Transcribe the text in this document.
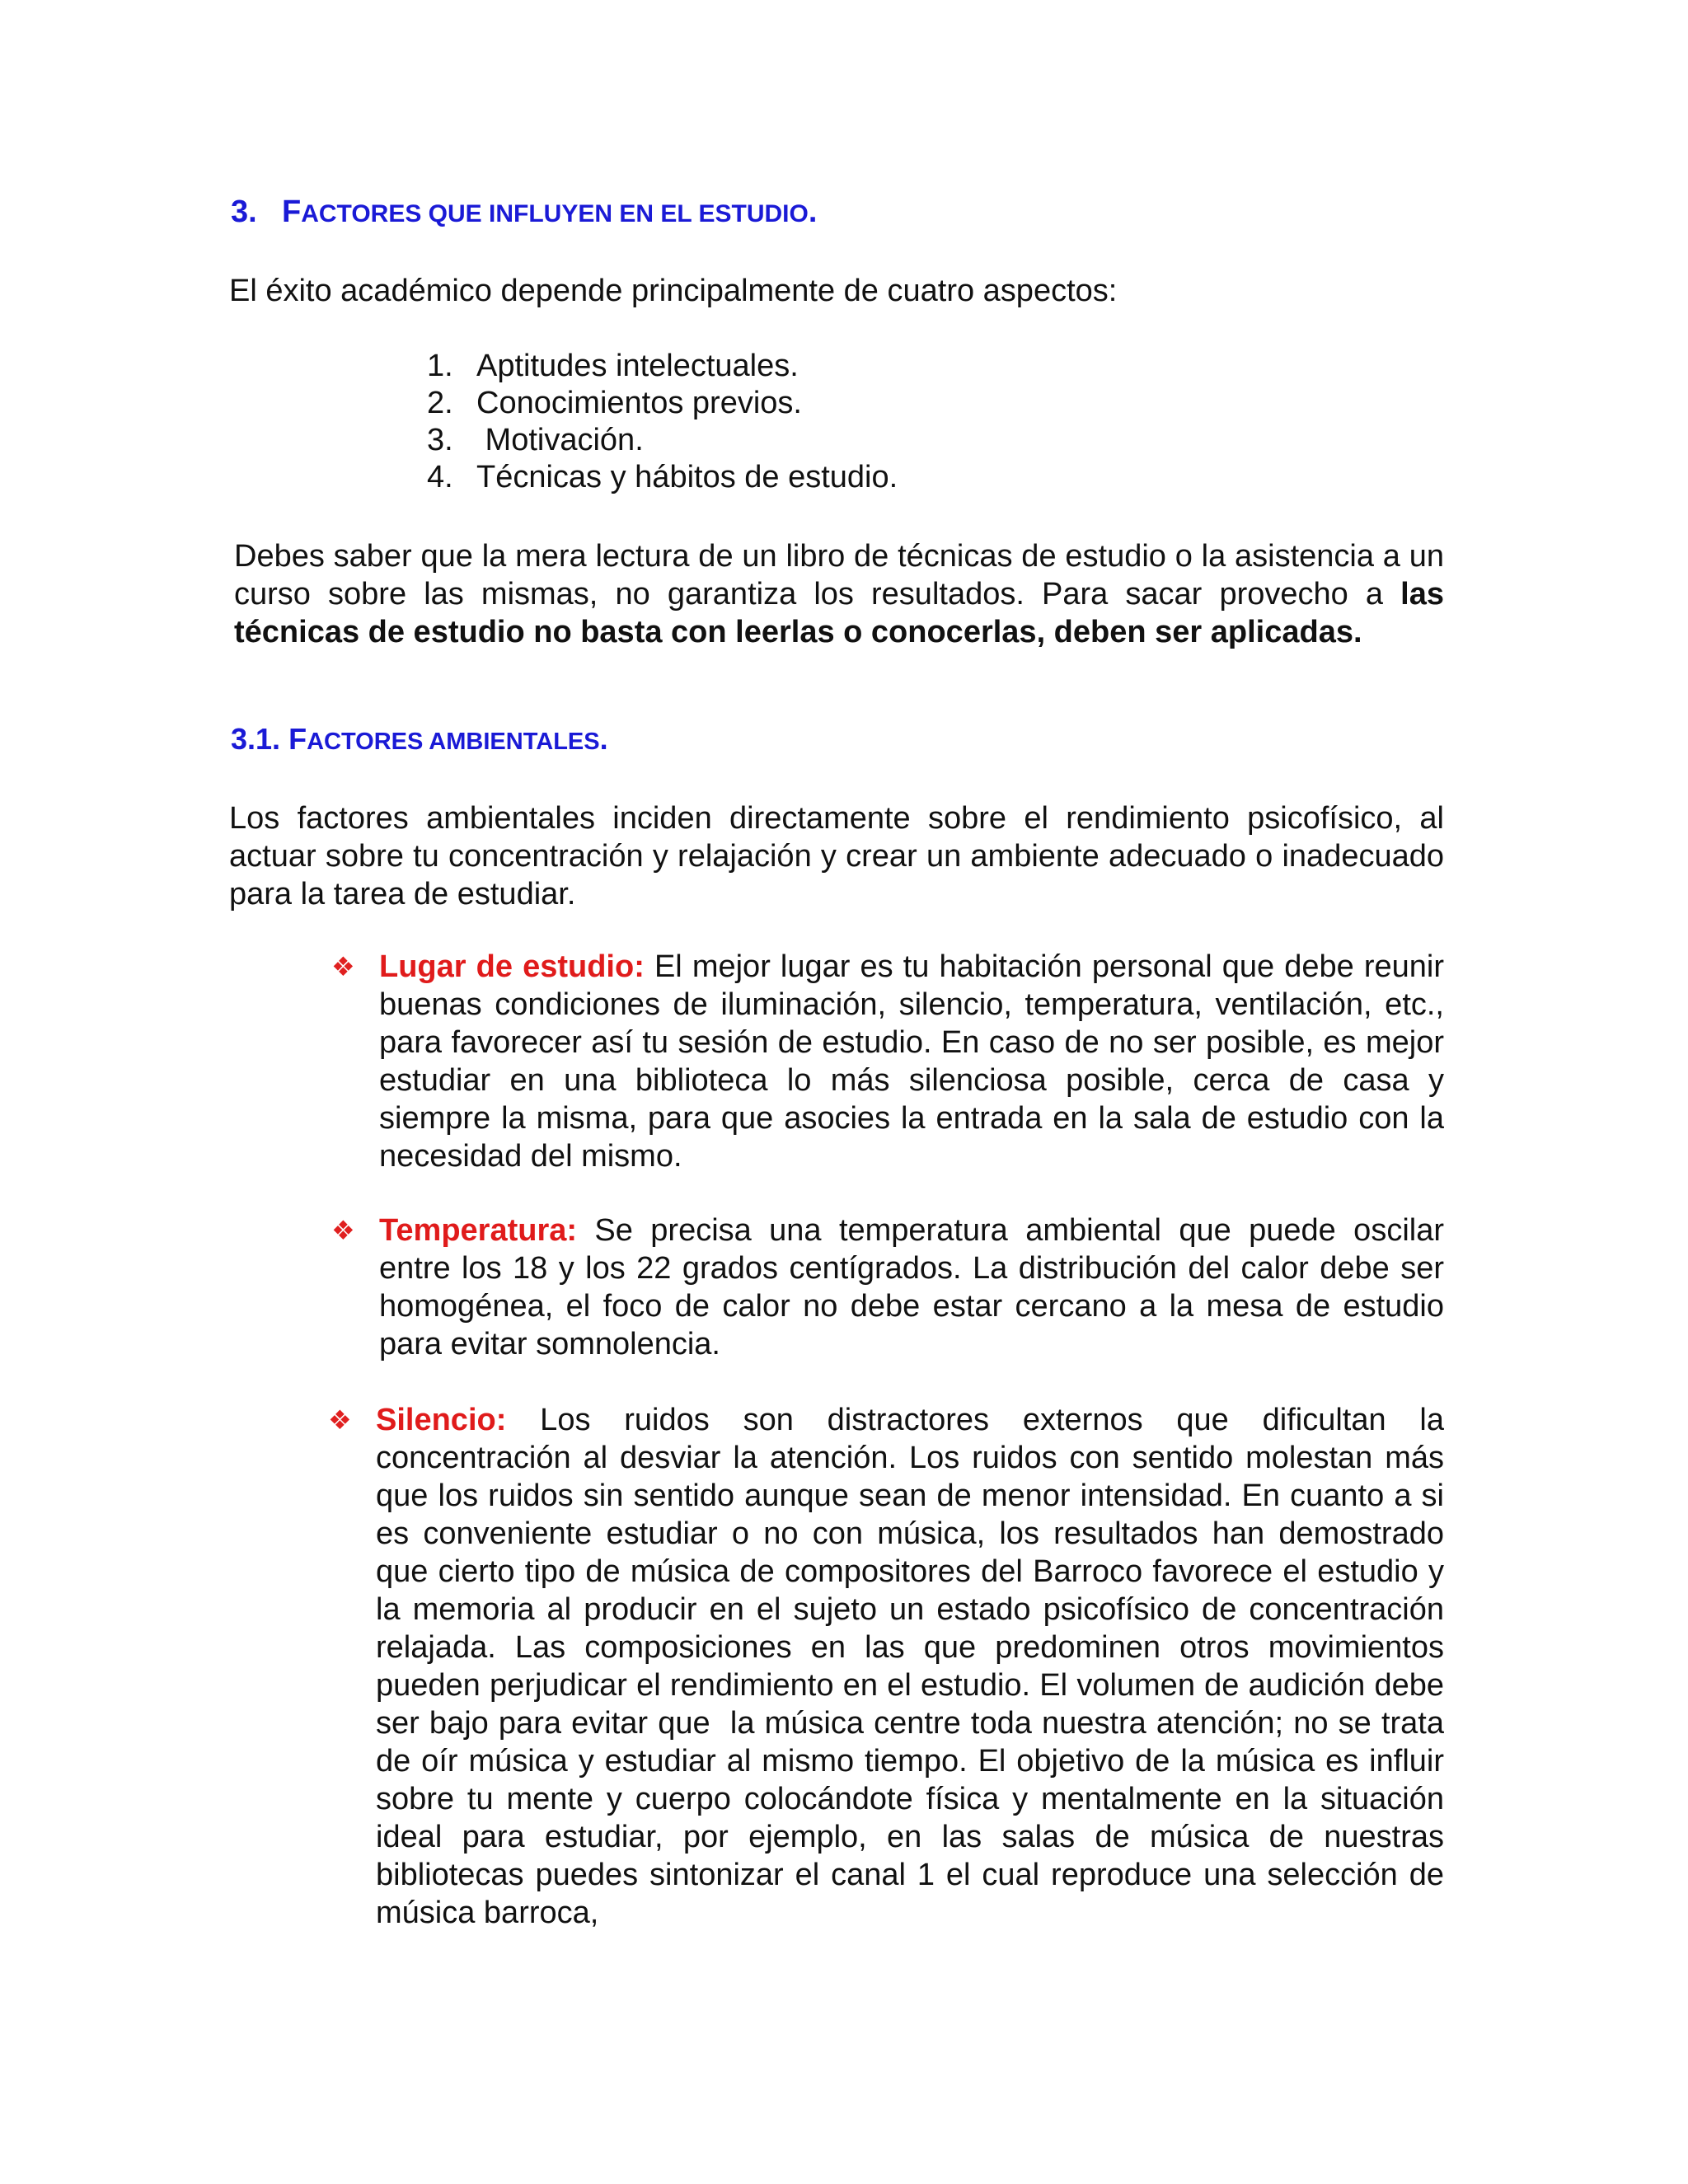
3. FACTORES QUE INFLUYEN EN EL ESTUDIO.
El éxito académico depende principalmente de cuatro aspectos:
1. Aptitudes intelectuales.
2. Conocimientos previos.
3. Motivación.
4. Técnicas y hábitos de estudio.
Debes saber que la mera lectura de un libro de técnicas de estudio o la asistencia a un curso sobre las mismas, no garantiza los resultados. Para sacar provecho a las técnicas de estudio no basta con leerlas o conocerlas, deben ser aplicadas.
3.1. FACTORES AMBIENTALES.
Los factores ambientales inciden directamente sobre el rendimiento psicofísico, al actuar sobre tu concentración y relajación y crear un ambiente adecuado o inadecuado para la tarea de estudiar.
❖ Lugar de estudio: El mejor lugar es tu habitación personal que debe reunir buenas condiciones de iluminación, silencio, temperatura, ventilación, etc., para favorecer así tu sesión de estudio. En caso de no ser posible, es mejor estudiar en una biblioteca lo más silenciosa posible, cerca de casa y siempre la misma, para que asocies la entrada en la sala de estudio con la necesidad del mismo.
❖ Temperatura: Se precisa una temperatura ambiental que puede oscilar entre los 18 y los 22 grados centígrados. La distribución del calor debe ser homogénea, el foco de calor no debe estar cercano a la mesa de estudio para evitar somnolencia.
❖ Silencio: Los ruidos son distractores externos que dificultan la concentración al desviar la atención. Los ruidos con sentido molestan más que los ruidos sin sentido aunque sean de menor intensidad. En cuanto a si es conveniente estudiar o no con música, los resultados han demostrado que cierto tipo de música de compositores del Barroco favorece el estudio y la memoria al producir en el sujeto un estado psicofísico de concentración relajada. Las composiciones en las que predominen otros movimientos pueden perjudicar el rendimiento en el estudio. El volumen de audición debe ser bajo para evitar que  la música centre toda nuestra atención; no se trata de oír música y estudiar al mismo tiempo. El objetivo de la música es influir sobre tu mente y cuerpo colocándote física y mentalmente en la situación ideal para estudiar, por ejemplo, en las salas de música de nuestras bibliotecas puedes sintonizar el canal 1 el cual reproduce una selección de música barroca,
